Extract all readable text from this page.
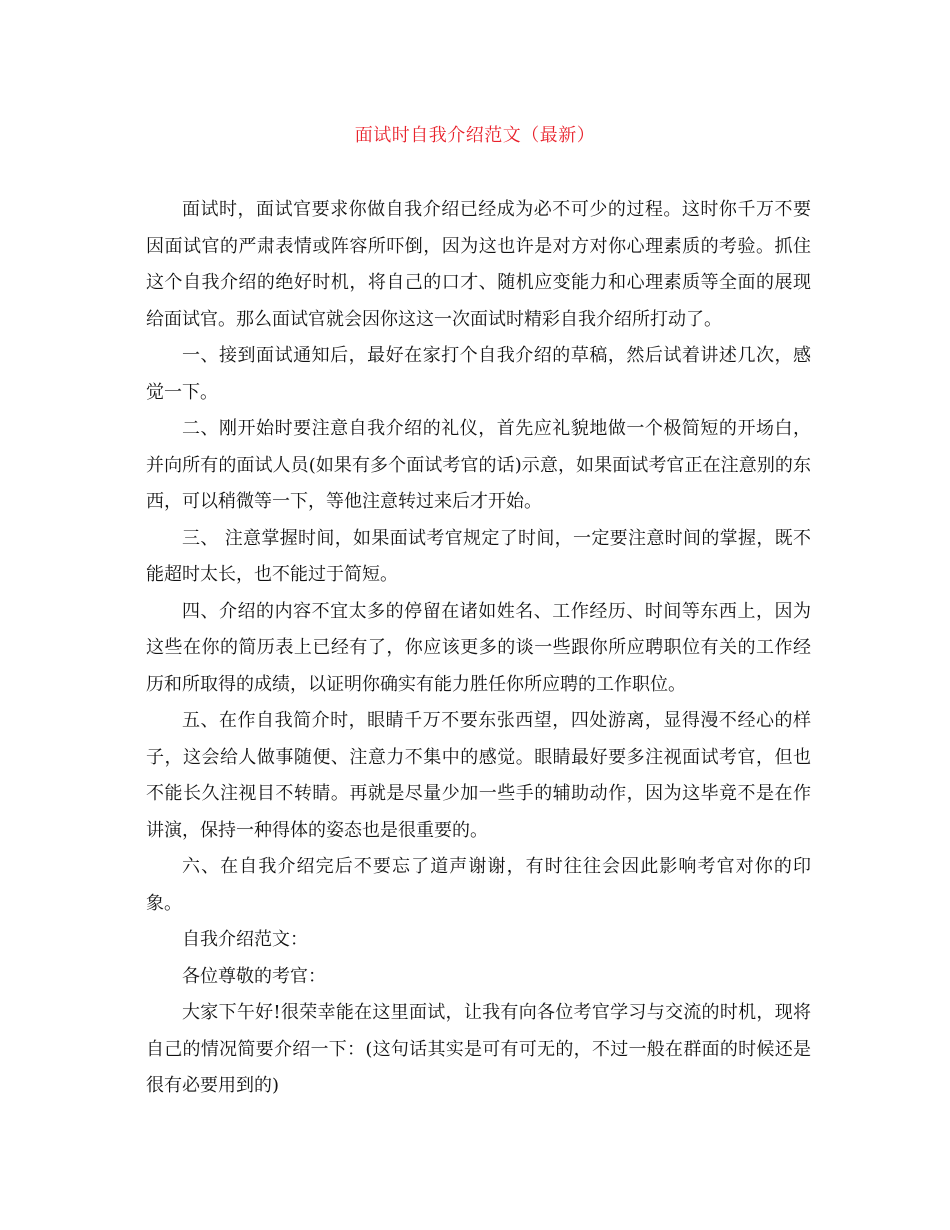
面试时自我介绍范文（最新）

面试时，面试官要求你做自我介绍已经成为必不可少的过程。这时你千万不要因面试官的严肃表情或阵容所吓倒，因为这也许是对方对你心理素质的考验。抓住这个自我介绍的绝好时机，将自己的口才、随机应变能力和心理素质等全面的展现给面试官。那么面试官就会因你这这一次面试时精彩自我介绍所打动了。

一、接到面试通知后，最好在家打个自我介绍的草稿，然后试着讲述几次，感觉一下。

二、刚开始时要注意自我介绍的礼仪，首先应礼貌地做一个极简短的开场白，并向所有的面试人员(如果有多个面试考官的话)示意，如果面试考官正在注意别的东西，可以稍微等一下，等他注意转过来后才开始。

三、 注意掌握时间，如果面试考官规定了时间，一定要注意时间的掌握，既不能超时太长，也不能过于简短。

四、介绍的内容不宜太多的停留在诸如姓名、工作经历、时间等东西上，因为这些在你的简历表上已经有了，你应该更多的谈一些跟你所应聘职位有关的工作经历和所取得的成绩，以证明你确实有能力胜任你所应聘的工作职位。

五、在作自我简介时，眼睛千万不要东张西望，四处游离，显得漫不经心的样子，这会给人做事随便、注意力不集中的感觉。眼睛最好要多注视面试考官，但也不能长久注视目不转睛。再就是尽量少加一些手的辅助动作，因为这毕竟不是在作讲演，保持一种得体的姿态也是很重要的。

六、在自我介绍完后不要忘了道声谢谢，有时往往会因此影响考官对你的印象。

自我介绍范文：

各位尊敬的考官：

大家下午好!很荣幸能在这里面试，让我有向各位考官学习与交流的时机，现将自己的情况简要介绍一下：(这句话其实是可有可无的，不过一般在群面的时候还是很有必要用到的)
